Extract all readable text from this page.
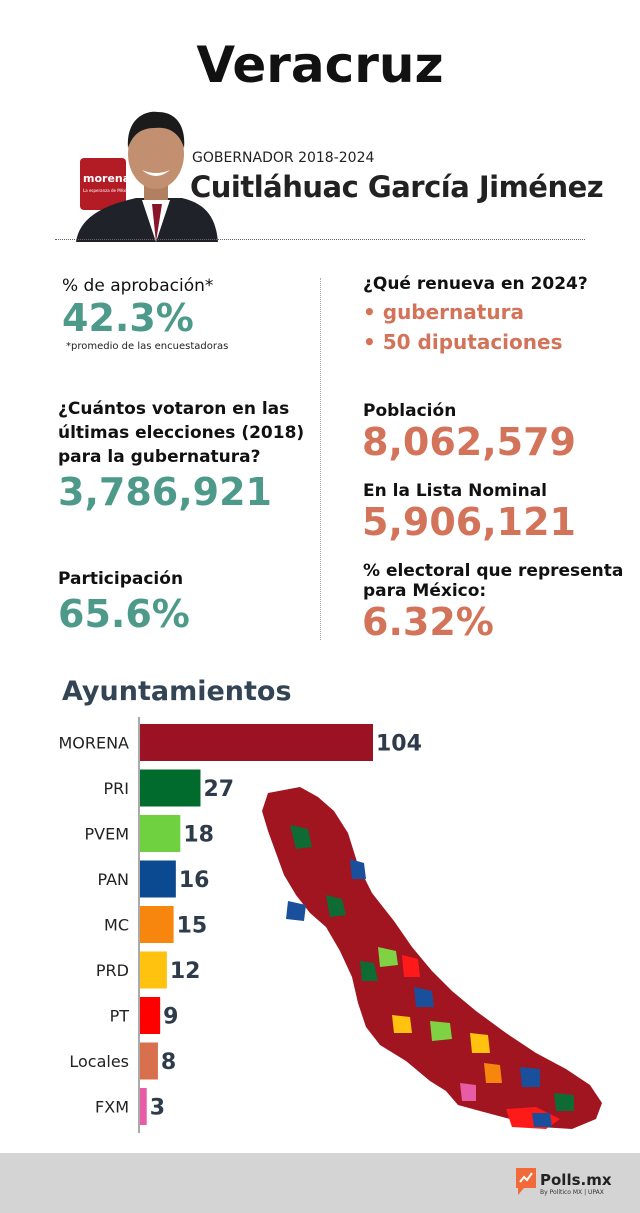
Veracruz
morena
La esperanza de México
GOBERNADOR 2018-2024
Cuitláhuac García Jiménez
% de aprobación*
42.3%
*promedio de las encuestadoras
¿Qué renueva en 2024?
• gubernatura
• 50 diputaciones
¿Cuántos votaron en las
últimas elecciones (2018)
para la gubernatura?
3,786,921
Población
8,062,579
En la Lista Nominal
5,906,121
Participación
65.6%
% electoral que representa
para México:
6.32%
Ayuntamientos
MORENA	104
PRI	27
PVEM 18
PAN 16
MC 15
PRD 12
PT 9
Locales 8
FXM 3
Polls.mx
By Político MX | UPAX
